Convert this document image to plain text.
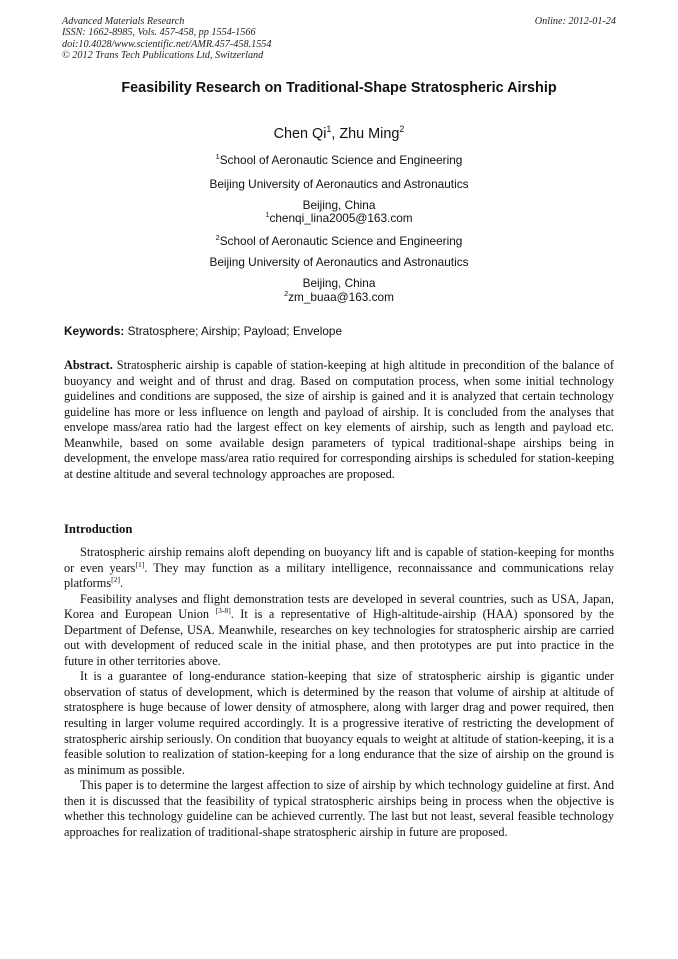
Advanced Materials Research
ISSN: 1662-8985, Vols. 457-458, pp 1554-1566
doi:10.4028/www.scientific.net/AMR.457-458.1554
© 2012 Trans Tech Publications Ltd, Switzerland
Online: 2012-01-24
Feasibility Research on Traditional-Shape Stratospheric Airship
Chen Qi$^1$, Zhu Ming$^2$
$^1$School of Aeronautic Science and Engineering
Beijing University of Aeronautics and Astronautics
Beijing, China
$^1$chenqi_lina2005@163.com
$^2$School of Aeronautic Science and Engineering
Beijing University of Aeronautics and Astronautics
Beijing, China
$^2$zm_buaa@163.com
Keywords: Stratosphere; Airship; Payload; Envelope
Abstract. Stratospheric airship is capable of station-keeping at high altitude in precondition of the balance of buoyancy and weight and of thrust and drag. Based on computation process, when some initial technology guidelines and conditions are supposed, the size of airship is gained and it is analyzed that certain technology guideline has more or less influence on length and payload of airship. It is concluded from the analyses that envelope mass/area ratio had the largest effect on key elements of airship, such as length and payload etc. Meanwhile, based on some available design parameters of typical traditional-shape airships being in development, the envelope mass/area ratio required for corresponding airships is scheduled for station-keeping at destine altitude and several technology approaches are proposed.
Introduction

Stratospheric airship remains aloft depending on buoyancy lift and is capable of station-keeping for months or even years[1]. They may function as a military intelligence, reconnaissance and communications relay platforms[2].

Feasibility analyses and flight demonstration tests are developed in several countries, such as USA, Japan, Korea and European Union [3-8]. It is a representative of High-altitude-airship (HAA) sponsored by the Department of Defense, USA. Meanwhile, researches on key technologies for stratospheric airship are carried out with development of reduced scale in the initial phase, and then prototypes are put into practice in the future in other territories above.

It is a guarantee of long-endurance station-keeping that size of stratospheric airship is gigantic under observation of status of development, which is determined by the reason that volume of airship at altitude of stratosphere is huge because of lower density of atmosphere, along with larger drag and power required, then resulting in larger volume required accordingly. It is a progressive iterative of restricting the development of stratospheric airship seriously. On condition that buoyancy equals to weight at altitude of station-keeping, it is a feasible solution to realization of station-keeping for a long endurance that the size of airship on the ground is as minimum as possible.

This paper is to determine the largest affection to size of airship by which technology guideline at first. And then it is discussed that the feasibility of typical stratospheric airships being in process when the objective is whether this technology guideline can be achieved currently. The last but not least, several feasible technology approaches for realization of traditional-shape stratospheric airship in future are proposed.
